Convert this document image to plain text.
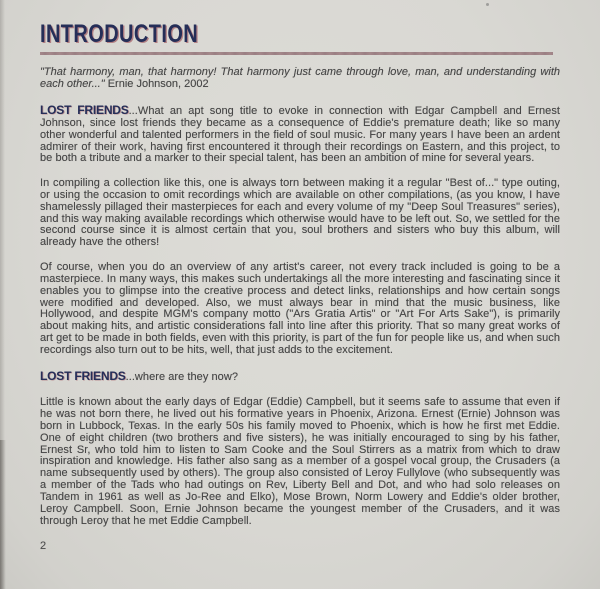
INTRODUCTION

"That harmony, man, that harmony! That harmony just came through love, man, and understanding with each other..." Ernie Johnson, 2002

LOST FRIENDS...What an apt song title to evoke in connection with Edgar Campbell and Ernest Johnson, since lost friends they became as a consequence of Eddie's premature death; like so many other wonderful and talented performers in the field of soul music. For many years I have been an ardent admirer of their work, having first encountered it through their recordings on Eastern, and this project, to be both a tribute and a marker to their special talent, has been an ambition of mine for several years.

In compiling a collection like this, one is always torn between making it a regular "Best of..." type outing, or using the occasion to omit recordings which are available on other compilations, (as you know, I have shamelessly pillaged their masterpieces for each and every volume of my "Deep Soul Treasures" series), and this way making available recordings which otherwise would have to be left out. So, we settled for the second course since it is almost certain that you, soul brothers and sisters who buy this album, will already have the others!

Of course, when you do an overview of any artist's career, not every track included is going to be a masterpiece. In many ways, this makes such undertakings all the more interesting and fascinating since it enables you to glimpse into the creative process and detect links, relationships and how certain songs were modified and developed. Also, we must always bear in mind that the music business, like Hollywood, and despite MGM's company motto ("Ars Gratia Artis" or "Art For Arts Sake"), is primarily about making hits, and artistic considerations fall into line after this priority. That so many great works of art get to be made in both fields, even with this priority, is part of the fun for people like us, and when such recordings also turn out to be hits, well, that just adds to the excitement.

LOST FRIENDS...where are they now?

Little is known about the early days of Edgar (Eddie) Campbell, but it seems safe to assume that even if he was not born there, he lived out his formative years in Phoenix, Arizona. Ernest (Ernie) Johnson was born in Lubbock, Texas. In the early 50s his family moved to Phoenix, which is how he first met Eddie. One of eight children (two brothers and five sisters), he was initially encouraged to sing by his father, Ernest Sr, who told him to listen to Sam Cooke and the Soul Stirrers as a matrix from which to draw inspiration and knowledge. His father also sang as a member of a gospel vocal group, the Crusaders (a name subsequently used by others). The group also consisted of Leroy Fullylove (who subsequently was a member of the Tads who had outings on Rev, Liberty Bell and Dot, and who had solo releases on Tandem in 1961 as well as Jo-Ree and Elko), Mose Brown, Norm Lowery and Eddie's older brother, Leroy Campbell. Soon, Ernie Johnson became the youngest member of the Crusaders, and it was through Leroy that he met Eddie Campbell.

2
